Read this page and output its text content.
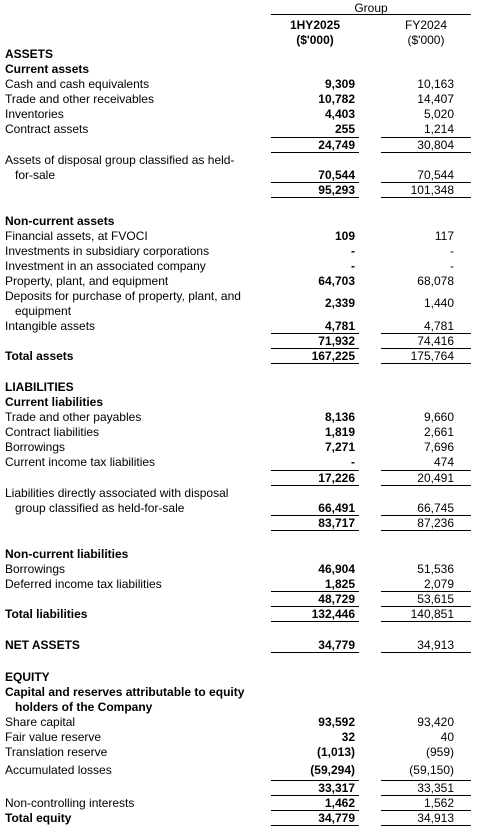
Group
1HY2025
($'000)
FY2024
($'000)
ASSETS
Current assets
Cash and cash equivalents
Trade and other receivables
Inventories
Contract assets
Assets of disposal group classified as held-
for-sale
Non-current assets
Financial assets, at FVOCI
Investments in subsidiary corporations
Investment in an associated company
Property, plant, and equipment
Deposits for purchase of property, plant, and
equipment
Intangible assets
Total assets
LIABILITIES
Current liabilities
Trade and other payables
Contract liabilities
Borrowings
Current income tax liabilities
Liabilities directly associated with disposal
group classified as held-for-sale
Non-current liabilities
Borrowings
Deferred income tax liabilities
Total liabilities
NET ASSETS
EQUITY
Capital and reserves attributable to equity
holders of the Company
Share capital
Fair value reserve
Translation reserve
Accumulated losses
Non-controlling interests
Total equity
9,309
10,782
4,403
255
24,749
70,544
95,293
109
-
-
64,703
2,339
4,781
71,932
167,225
8,136
1,819
7,271
-
17,226
66,491
83,717
46,904
1,825
48,729
132,446
34,779
93,592
32
(1,013)
(59,294)
33,317
1,462
34,779
10,163
14,407
5,020
1,214
30,804
70,544
101,348
117
-
-
68,078
1,440
4,781
74,416
175,764
9,660
2,661
7,696
474
20,491
66,745
87,236
51,536
2,079
53,615
140,851
34,913
93,420
40
(959)
(59,150)
33,351
1,562
34,913
